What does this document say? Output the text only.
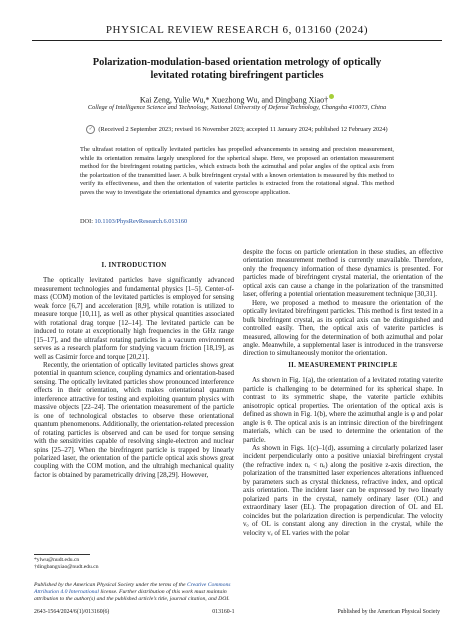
PHYSICAL REVIEW RESEARCH 6, 013160 (2024)
Polarization-modulation-based orientation metrology of optically
levitated rotating birefringent particles
Kai Zeng, Yulie Wu,* Xuezhong Wu, and Dingbang Xiao†
College of Intelligence Science and Technology, National University of Defense Technology, Changsha 410073, China
✓ (Received 2 September 2023; revised 16 November 2023; accepted 11 January 2024; published 12 February 2024)
The ultrafast rotation of optically levitated particles has propelled advancements in sensing and precision measurement, while its orientation remains largely unexplored for the spherical shape. Here, we proposed an orientation measurement method for the birefringent rotating particles, which extracts both the azimuthal and polar angles of the optical axis from the polarization of the transmitted laser. A bulk birefringent crystal with a known orientation is measured by this method to verify its effectiveness, and then the orientation of vaterite particles is extracted from the rotational signal. This method paves the way to investigate the orientational dynamics and gyroscope application.
DOI: 10.1103/PhysRevResearch.6.013160
I. INTRODUCTION

The optically levitated particles have significantly advanced measurement technologies and fundamental physics [1–5]. Center-of-mass (COM) motion of the levitated particles is employed for sensing weak force [6,7] and acceleration [8,9], while rotation is utilized to measure torque [10,11], as well as other physical quantities associated with rotational drag torque [12–14]. The levitated particle can be induced to rotate at exceptionally high frequencies in the GHz range [15–17], and the ultrafast rotating particles in a vacuum environment serves as a research platform for studying vacuum friction [18,19], as well as Casimir force and torque [20,21].

Recently, the orientation of optically levitated particles shows great potential in quantum science, coupling dynamics and orientation-based sensing. The optically levitated particles show pronounced interference effects in their orientation, which makes orientational quantum interference attractive for testing and exploiting quantum physics with massive objects [22–24]. The orientation measurement of the particle is one of technological obstacles to observe these orientational quantum phenomenons. Additionally, the orientation-related precession of rotating particles is observed and can be used for torque sensing with the sensitivities capable of resolving single-electron and nuclear spins [25–27]. When the birefringent particle is trapped by linearly polarized laser, the orientation of the particle optical axis shows great coupling with the COM motion, and the ultrahigh mechanical quality factor is obtained by parametrically driving [28,29]. However,

despite the focus on particle orientation in these studies, an effective orientation measurement method is currently unavailable. Therefore, only the frequency information of these dynamics is presented. For particles made of birefringent crystal material, the orientation of the optical axis can cause a change in the polarization of the transmitted laser, offering a potential orientation measurement technique [30,31].

Here, we proposed a method to measure the orientation of the optically levitated birefringent particles. This method is first tested in a bulk birefringent crystal, as its optical axis can be distinguished and controlled easily. Then, the optical axis of vaterite particles is measured, allowing for the determination of both azimuthal and polar angle. Meanwhile, a supplemental laser is introduced in the transverse direction to simultaneously monitor the orientation.

II. MEASUREMENT PRINCIPLE

As shown in Fig. 1(a), the orientation of a levitated rotating vaterite particle is challenging to be determined for its spherical shape. In contrast to its symmetric shape, the vaterite particle exhibits anisotropic optical properties. The orientation of the optical axis is defined as shown in Fig. 1(b), where the azimuthal angle is φ and polar angle is θ. The optical axis is an intrinsic direction of the birefringent materials, which can be used to determine the orientation of the particle.

As shown in Figs. 1(c)–1(d), assuming a circularly polarized laser incident perpendicularly onto a positive uniaxial birefringent crystal (the refractive index nₑ < nₑ) along the positive z-axis direction, the polarization of the transmitted laser experiences alterations influenced by parameters such as crystal thickness, refractive index, and optical axis orientation. The incident laser can be expressed by two linearly polarized parts in the crystal, namely ordinary laser (OL) and extraordinary laser (EL). The propagation direction of OL and EL coincides but the polarization direction is perpendicular. The velocity vₒ of OL is constant along any direction in the crystal, while the velocity vₑ of EL varies with the polar

*ylwu@nudt.edu.cn
†dingbangxiao@nudt.edu.cn
Published by the American Physical Society under the terms of the Creative Commons Attribution 4.0 International license. Further distribution of this work must maintain attribution to the author(s) and the published article’s title, journal citation, and DOI.
2643-1564/2024/6(1)/013160(6)	013160-1	Published by the American Physical Society
